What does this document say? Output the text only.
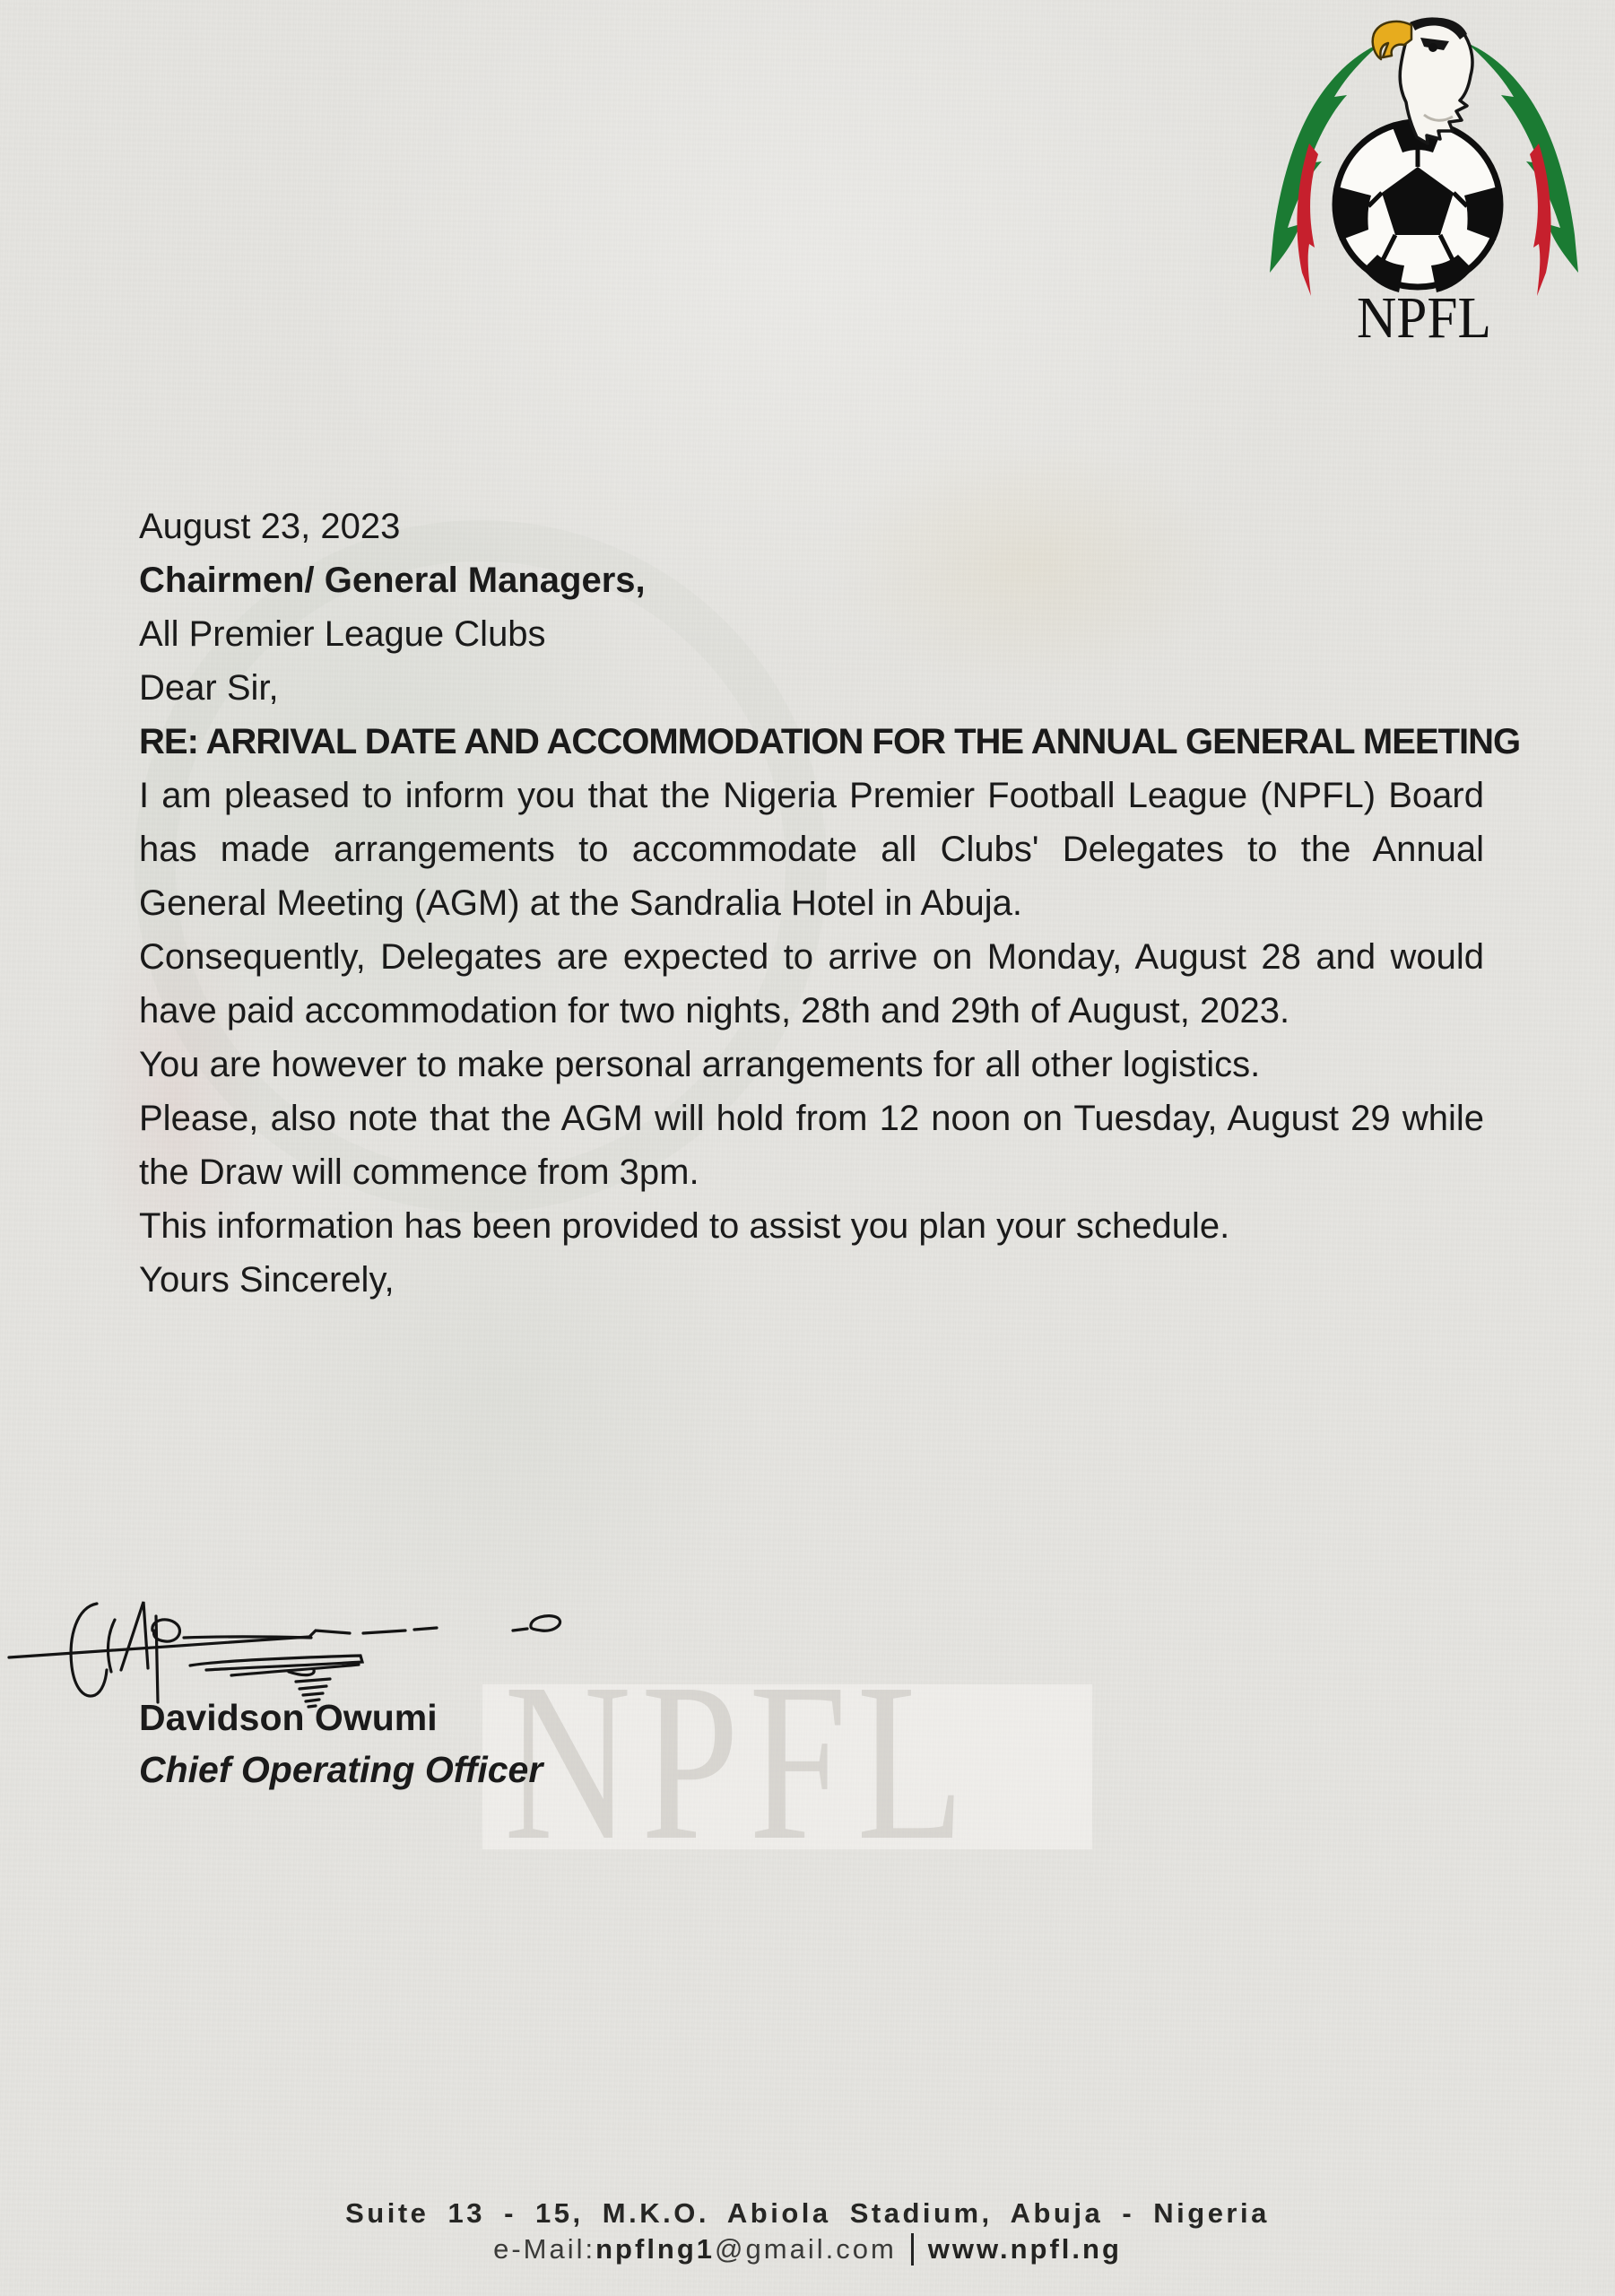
NPFL
NPFL

August 23, 2023

Chairmen/ General Managers,

All Premier League Clubs

Dear Sir,

RE: ARRIVAL DATE AND ACCOMMODATION FOR THE ANNUAL GENERAL MEETING

I am pleased to inform you that the Nigeria Premier Football League (NPFL) Board has made arrangements to accommodate all Clubs' Delegates to the Annual General Meeting (AGM) at the Sandralia Hotel in Abuja.

Consequently, Delegates are expected to arrive on Monday, August 28 and would have paid accommodation for two nights, 28th and 29th of August, 2023.

You are however to make personal arrangements for all other logistics.

Please, also note that the AGM will hold from 12 noon on Tuesday, August 29 while the Draw will commence from 3pm.

This information has been provided to assist you plan your schedule.

Yours Sincerely,

Davidson Owumi
Chief Operating Officer
Suite 13 - 15, M.K.O. Abiola Stadium, Abuja - Nigeria
e-Mail:npflng1@gmail.com www.npfl.ng
